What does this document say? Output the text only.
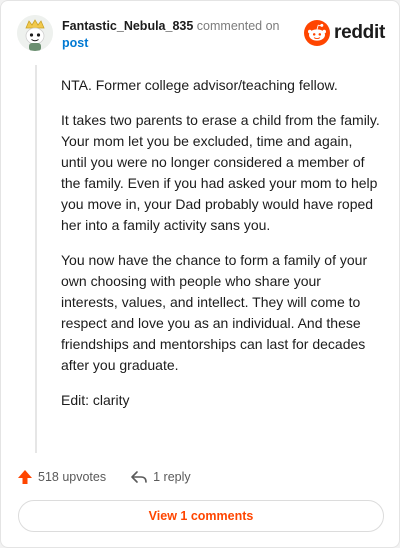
Fantastic_Nebula_835 commented on
post	reddit

NTA. Former college advisor/teaching fellow.

It takes two parents to erase a child from the family. Your mom let you be excluded, time and again, until you were no longer considered a member of the family. Even if you had asked your mom to help you move in, your Dad probably would have roped her into a family activity sans you.

You now have the chance to form a family of your own choosing with people who share your interests, values, and intellect. They will come to respect and love you as an individual. And these friendships and mentorships can last for decades after you graduate.

Edit: clarity

518 upvotes	1 reply
View 1 comments
